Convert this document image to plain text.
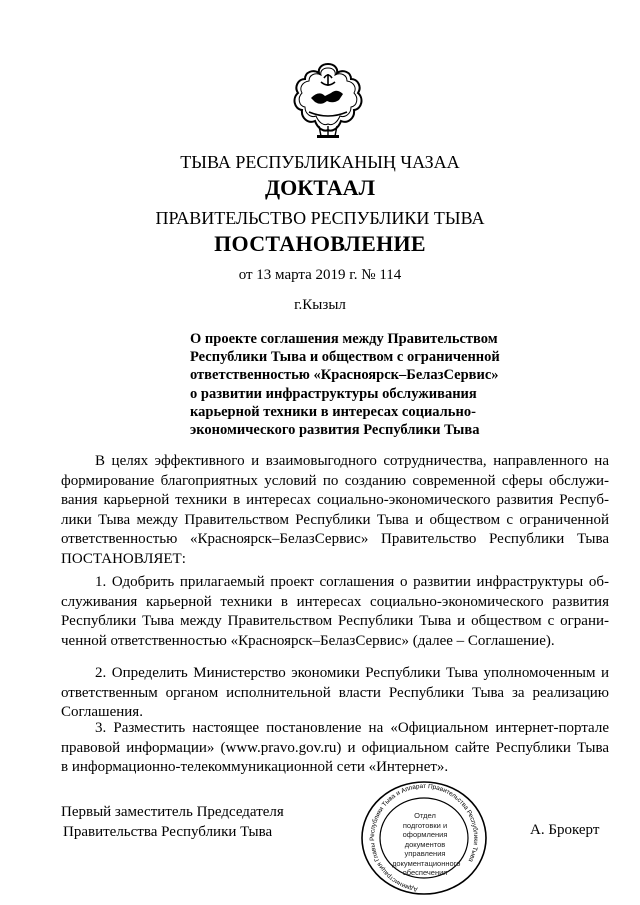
ТЫВА РЕСПУБЛИКАНЫҢ ЧАЗАА
ДОКТААЛ
ПРАВИТЕЛЬСТВО РЕСПУБЛИКИ ТЫВА
ПОСТАНОВЛЕНИЕ
от 13 марта 2019 г. № 114
г.Кызыл
О проекте соглашения между Правительством
Республики Тыва и обществом с ограниченной
ответственностью «Красноярск–БелазСервис»
о развитии инфраструктуры обслуживания
карьерной техники в интересах социально-
экономического развития Республики Тыва
В целях эффективного и взаимовыгодного сотрудничества, направленного на
формирование благоприятных условий по созданию современной сферы обслужи-
вания карьерной техники в интересах социально-экономического развития Респуб-
лики Тыва между Правительством Республики Тыва и обществом с ограниченной
ответственностью «Красноярск–БелазСервис» Правительство Республики Тыва
ПОСТАНОВЛЯЕТ:
1. Одобрить прилагаемый проект соглашения о развитии инфраструктуры об-
служивания карьерной техники в интересах социально-экономического развития
Республики Тыва между Правительством Республики Тыва и обществом с ограни-
ченной ответственностью «Красноярск–БелазСервис» (далее – Соглашение).
2. Определить Министерство экономики Республики Тыва уполномоченным и
ответственным органом исполнительной власти Республики Тыва за реализацию
Соглашения.
3. Разместить настоящее постановление на «Официальном интернет-портале
правовой информации» (www.pravo.gov.ru) и официальном сайте Республики Тыва
в информационно-телекоммуникационной сети «Интернет».
Первый заместитель Председателя
Правительства Республики Тыва
Администрация Главы Республики Тыва и Аппарат Правительства Республики Тыва
Отдел
подготовки и
оформления документов
управления
документационного
обеспечения
А. Брокерт
